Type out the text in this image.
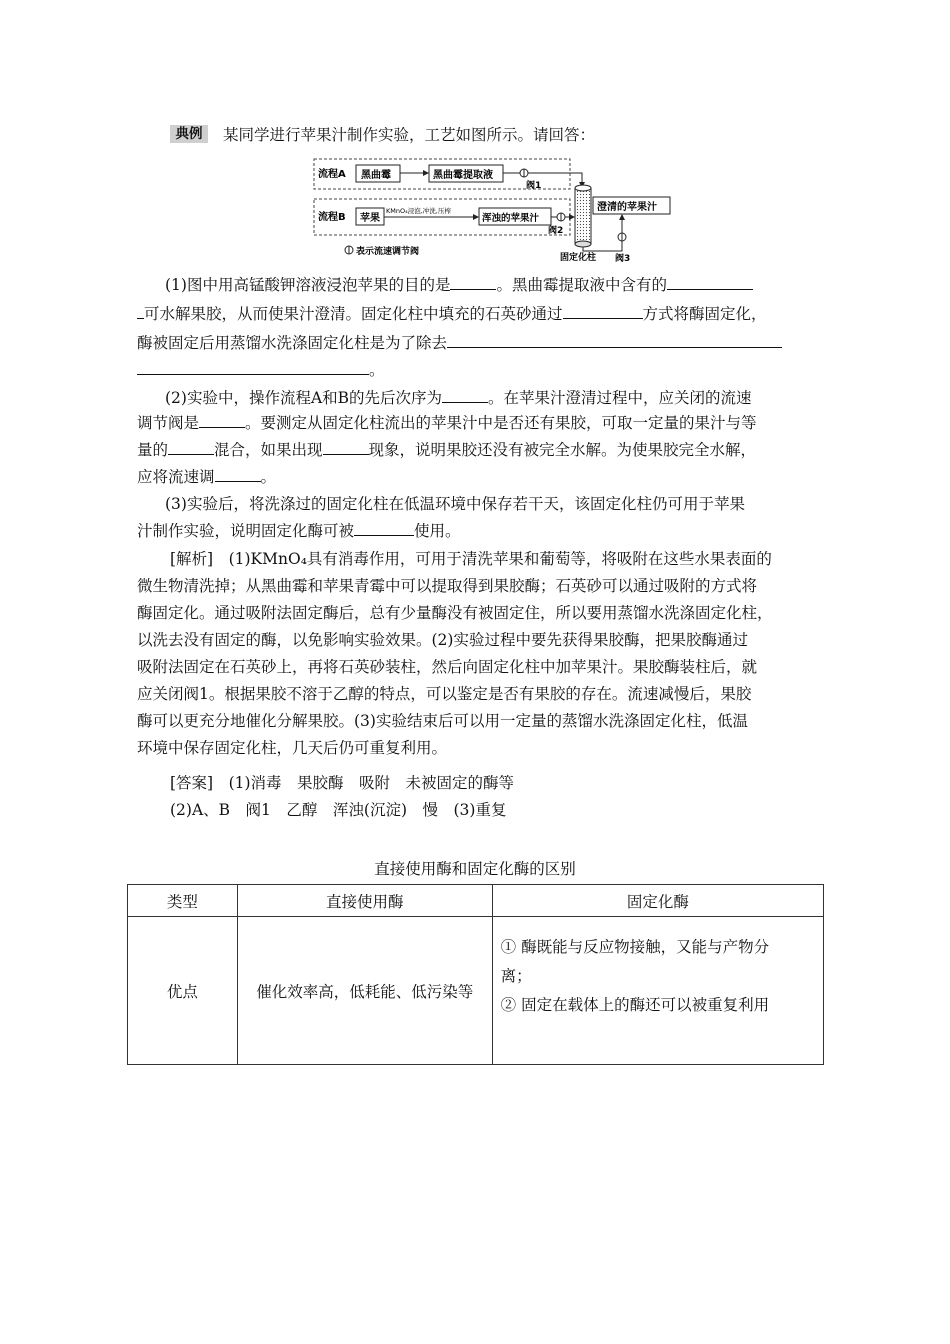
典例	某同学进行苹果汁制作实验，工艺如图所示。请回答：
流程A 黑曲霉	黑曲霉提取液
阀1
流程B 苹果
KMnO₄浸泡,冲洗,压榨
浑浊的苹果汁
阀2
固定化柱 阀3
澄清的苹果汁
表示流速调节阀
(1)图中用高锰酸钾溶液浸泡苹果的目的是	。黑曲霉提取液中含有的
可水解果胶，从而使果汁澄清。固定化柱中填充的石英砂通过	方式将酶固定化，
酶被固定后用蒸馏水洗涤固定化柱是为了除去
。
(2)实验中，操作流程A和B的先后次序为	。在苹果汁澄清过程中，应关闭的流速
调节阀是	。要测定从固定化柱流出的苹果汁中是否还有果胶，可取一定量的果汁与等
量的	混合，如果出现	现象，说明果胶还没有被完全水解。为使果胶完全水解，
应将流速调	。
(3)实验后，将洗涤过的固定化柱在低温环境中保存若干天，该固定化柱仍可用于苹果
汁制作实验，说明固定化酶可被	使用。
[解析]　(1)KMnO₄具有消毒作用，可用于清洗苹果和葡萄等，将吸附在这些水果表面的
微生物清洗掉；从黑曲霉和苹果青霉中可以提取得到果胶酶；石英砂可以通过吸附的方式将
酶固定化。通过吸附法固定酶后，总有少量酶没有被固定住，所以要用蒸馏水洗涤固定化柱，
以洗去没有固定的酶，以免影响实验效果。(2)实验过程中要先获得果胶酶，把果胶酶通过
吸附法固定在石英砂上，再将石英砂装柱，然后向固定化柱中加苹果汁。果胶酶装柱后，就
应关闭阀1。根据果胶不溶于乙醇的特点，可以鉴定是否有果胶的存在。流速减慢后，果胶
酶可以更充分地催化分解果胶。(3)实验结束后可以用一定量的蒸馏水洗涤固定化柱，低温
环境中保存固定化柱，几天后仍可重复利用。
[答案]　(1)消毒　果胶酶　吸附　未被固定的酶等
(2)A、B　阀1　乙醇　浑浊(沉淀)　慢　(3)重复
直接使用酶和固定化酶的区别
类型	直接使用酶	固定化酶
优点	催化效率高，低耗能、低污染等	① 酶既能与反应物接触，又能与产物分
离；
② 固定在载体上的酶还可以被重复利用
